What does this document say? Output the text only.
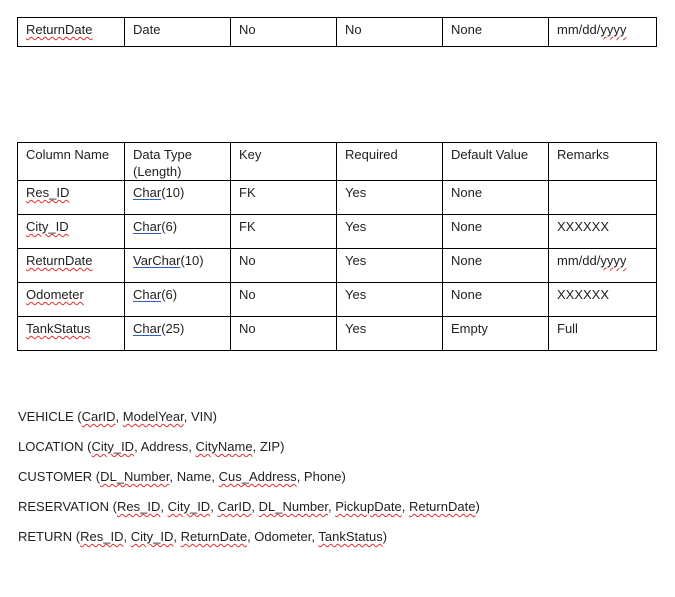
ReturnDate	Date	No	No	None	mm/dd/yyyy
Column Name	Data Type (Length)	Key	Required	Default Value	Remarks
Res_ID	Char(10)	FK	Yes	None	
City_ID	Char(6)	FK	Yes	None	XXXXXX
ReturnDate	VarChar(10)	No	Yes	None	mm/dd/yyyy
Odometer	Char(6)	No	Yes	None	XXXXXX
TankStatus	Char(25)	No	Yes	Empty	Full

VEHICLE (CarID, ModelYear, VIN)

LOCATION (City_ID, Address, CityName, ZIP)

CUSTOMER (DL_Number, Name, Cus_Address, Phone)

RESERVATION (Res_ID, City_ID, CarID, DL_Number, PickupDate, ReturnDate)

RETURN (Res_ID, City_ID, ReturnDate, Odometer, TankStatus)
